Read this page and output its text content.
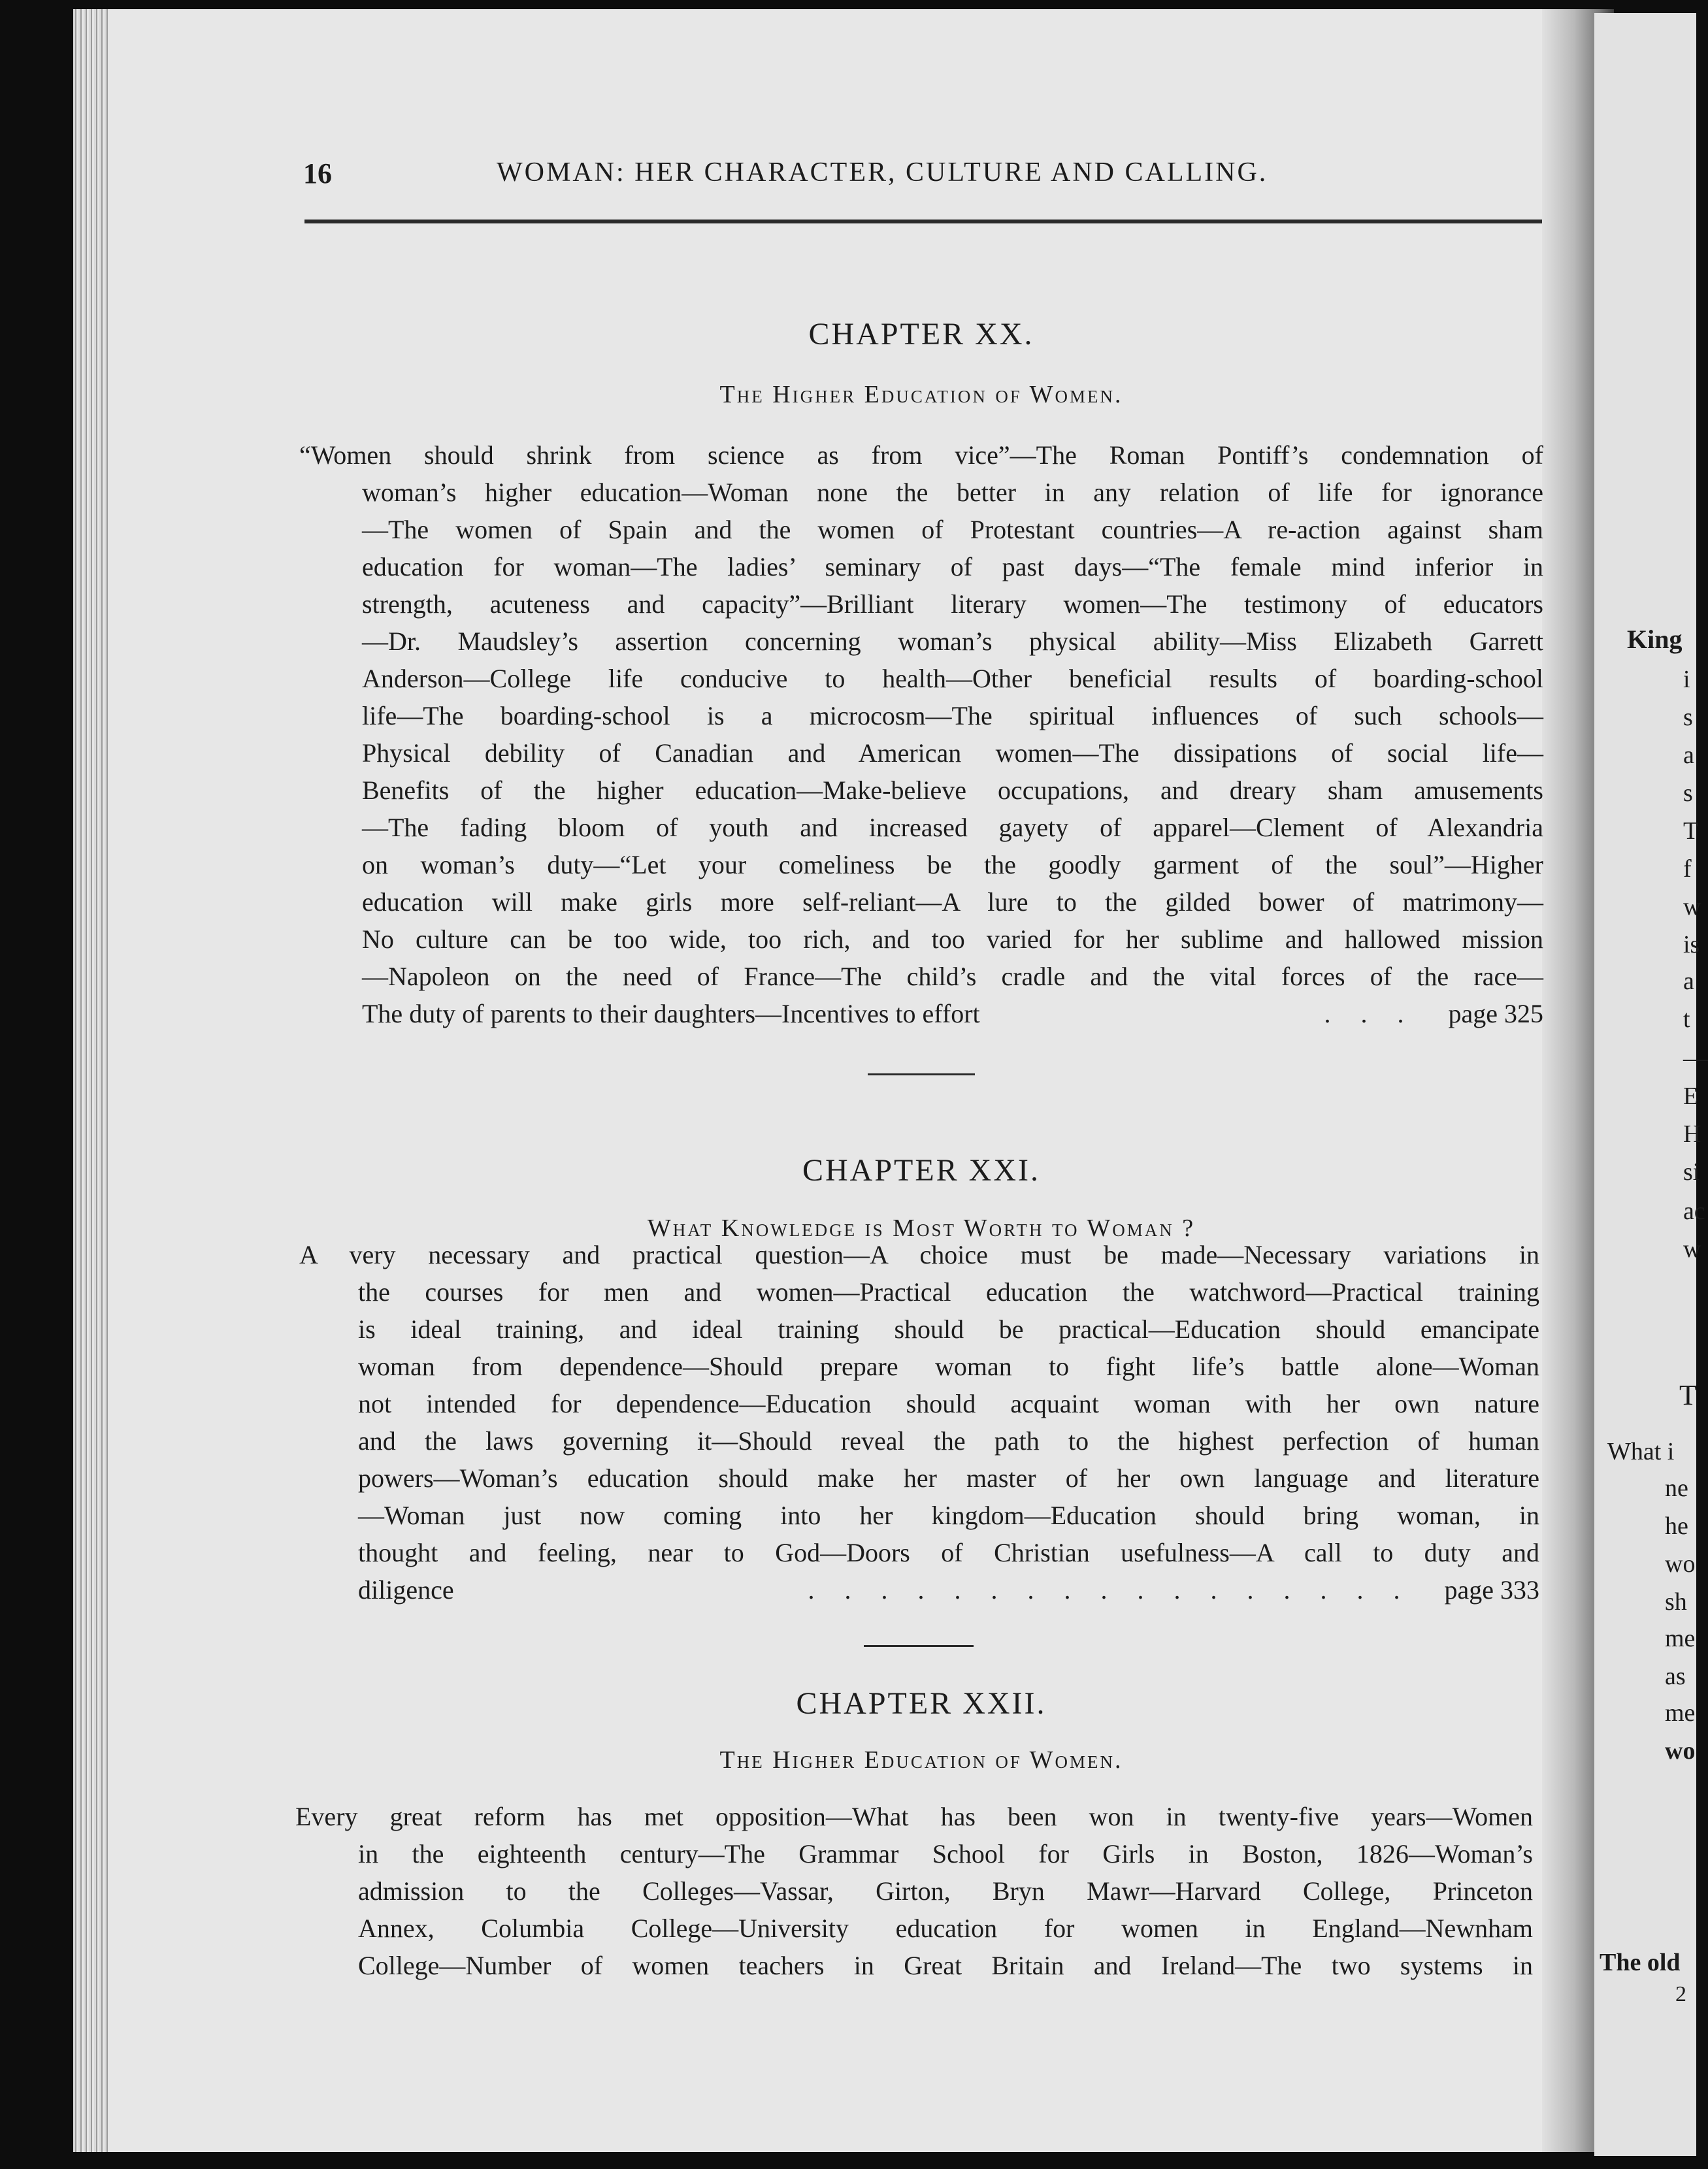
King
i
s
a
s
T
f
w
is
a
t
—
E
H
si
ac
w
T
What i
ne
he
wo
sh
me
as
me
wo
The old
2
16	WOMAN: HER CHARACTER, CULTURE AND CALLING.
CHAPTER XX.
The Higher Education of Women.
“Women should shrink from science as from vice”—The Roman Pontiff’s condemnation of
woman’s higher education—Woman none the better in any relation of life for ignorance
—The women of Spain and the women of Protestant countries—A re-action against sham
education for woman—The ladies’ seminary of past days—“The female mind inferior in
strength, acuteness and capacity”—Brilliant literary women—The testimony of educators
—Dr. Maudsley’s assertion concerning woman’s physical ability—Miss Elizabeth Garrett
Anderson—College life conducive to health—Other beneficial results of boarding-school
life—The boarding-school is a microcosm—The spiritual influences of such schools—
Physical debility of Canadian and American women—The dissipations of social life—
Benefits of the higher education—Make-believe occupations, and dreary sham amusements
—The fading bloom of youth and increased gayety of apparel—Clement of Alexandria
on woman’s duty—“Let your comeliness be the goodly garment of the soul”—Higher
education will make girls more self-reliant—A lure to the gilded bower of matrimony—
No culture can be too wide, too rich, and too varied for her sublime and hallowed mission
—Napoleon on the need of France—The child’s cradle and the vital forces of the race—
The duty of parents to their daughters—Incentives to effort	. . . page 325
CHAPTER XXI.
What Knowledge is Most Worth to Woman ?
A very necessary and practical question—A choice must be made—Necessary variations in
the courses for men and women—Practical education the watchword—Practical training
is ideal training, and ideal training should be practical—Education should emancipate
woman from dependence—Should prepare woman to fight life’s battle alone—Woman
not intended for dependence—Education should acquaint woman with her own nature
and the laws governing it—Should reveal the path to the highest perfection of human
powers—Woman’s education should make her master of her own language and literature
—Woman just now coming into her kingdom—Education should bring woman, in
thought and feeling, near to God—Doors of Christian usefulness—A call to duty and
diligence	. . . . . . . . . . . . . . . . . page 333
CHAPTER XXII.
The Higher Education of Women.
Every great reform has met opposition—What has been won in twenty-five years—Women
in the eighteenth century—The Grammar School for Girls in Boston, 1826—Woman’s
admission to the Colleges—Vassar, Girton, Bryn Mawr—Harvard College, Princeton
Annex, Columbia College—University education for women in England—Newnham
College—Number of women teachers in Great Britain and Ireland—The two systems in
